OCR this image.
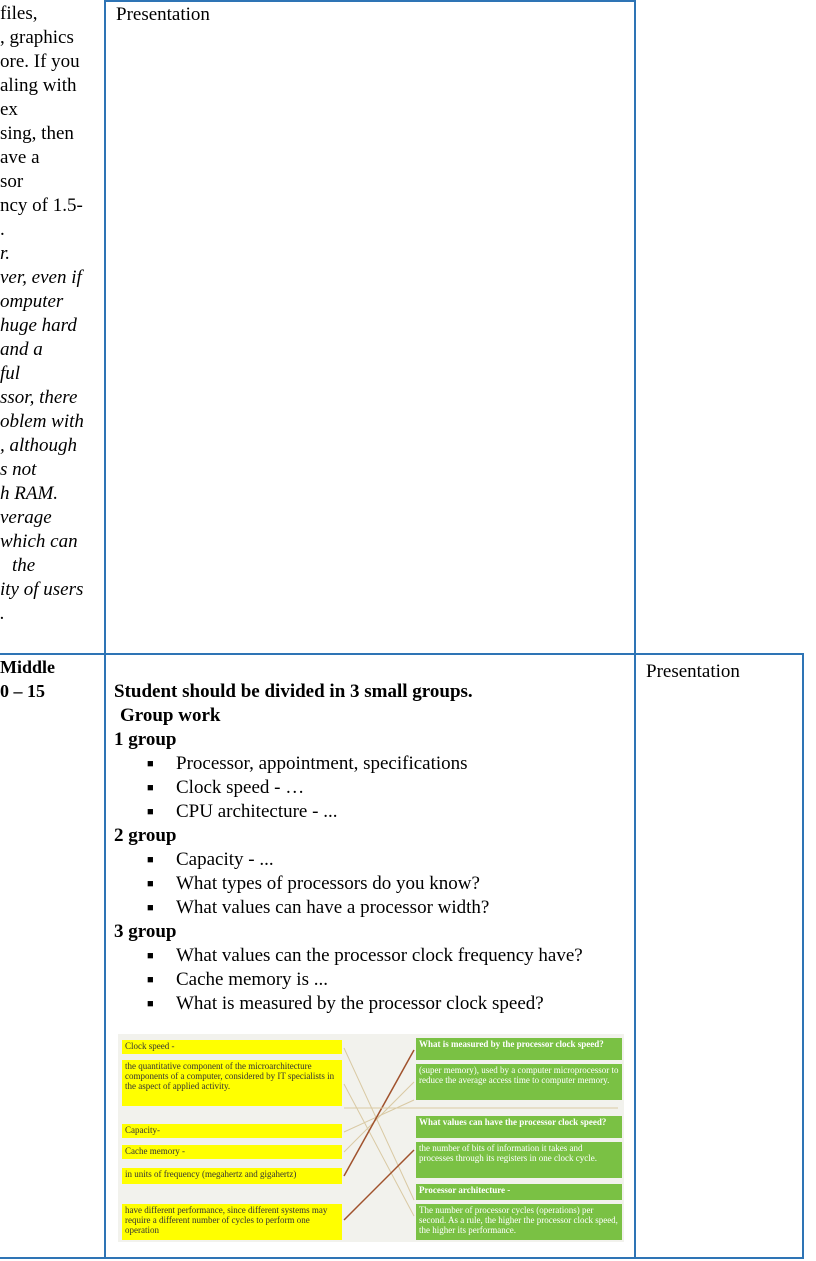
files,
, graphics
ore. If you
aling with
ex
sing, then
ave a
sor
ncy of 1.5-
.
r.
ver, even if
omputer
huge hard
and a
ful
ssor, there
oblem with
, although
s not
h RAM.
verage
which can
the
ity of users
.
Presentation
Middle
0 – 15
Presentation
Student should be divided in 3 small groups.
Group work
1 group
■ Processor, appointment, specifications
■ Clock speed - …
■ CPU architecture - ...
2 group
■ Capacity - ...
■ What types of processors do you know?
■ What values can have a processor width?
3 group
■ What values can the processor clock frequency have?
■ Cache memory is ...
■ What is measured by the processor clock speed?
Clock speed -
the quantitative component of the microarchitecture components of a computer, considered by IT specialists in the aspect of applied activity.
Capacity-
Cache memory -
in units of frequency (megahertz and gigahertz)
have different performance, since different systems may require a different number of cycles to perform one operation
What is measured by the processor clock speed?
(super memory), used by a computer microprocessor to reduce the average access time to computer memory.
What values can have the processor clock speed?
the number of bits of information it takes and processes through its registers in one clock cycle.
Processor architecture -
The number of processor cycles (operations) per second. As a rule, the higher the processor clock speed, the higher its performance.
